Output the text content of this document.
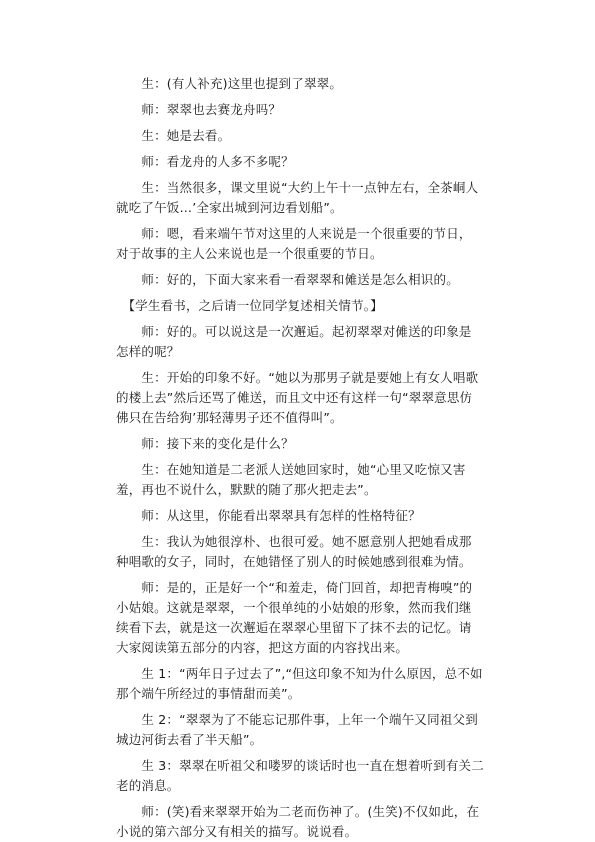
　　生：(有人补充)这里也提到了翠翠。

　　师：翠翠也去赛龙舟吗？

　　生：她是去看。

　　师：看龙舟的人多不多呢？

　　生：当然很多，课文里说“大约上午十一点钟左右，全茶峒人就吃了午饭…’全家出城到河边看划船”。

　　师：嗯，看来端午节对这里的人来说是一个很重要的节日，对于故事的主人公来说也是一个很重要的节日。

　　师：好的，下面大家来看一看翠翠和傩送是怎么相识的。

　【学生看书，之后请一位同学复述相关情节。】

　　师：好的。可以说这是一次邂逅。起初翠翠对傩送的印象是怎样的呢？

　　生：开始的印象不好。“她以为那男子就是要她上有女人唱歌的楼上去”然后还骂了傩送，而且文中还有这样一句“翠翠意思仿佛只在告给狗’那轻薄男子还不值得叫”。

　　师：接下来的变化是什么？

　　生：在她知道是二老派人送她回家时，她“心里又吃惊又害羞，再也不说什么，默默的随了那火把走去”。

　　师：从这里，你能看出翠翠具有怎样的性格特征？

　　生：我认为她很淳朴、也很可爱。她不愿意别人把她看成那种唱歌的女子，同时，在她错怪了别人的时候她感到很难为情。

　　师：是的，正是好一个“和羞走，倚门回首，却把青梅嗅”的小姑娘。这就是翠翠，一个很单纯的小姑娘的形象，然而我们继续看下去，就是这一次邂逅在翠翠心里留下了抹不去的记忆。请大家阅读第五部分的内容，把这方面的内容找出来。

　　生 1：“两年日子过去了”,“但这印象不知为什么原因，总不如那个端午所经过的事情甜而美”。

　　生 2：“翠翠为了不能忘记那件事，上年一个端午又同祖父到城边河街去看了半天船”。

　　生 3：翠翠在听祖父和喽罗的谈话时也一直在想着听到有关二老的消息。

　　师：(笑)看来翠翠开始为二老而伤神了。(生笑)不仅如此，在小说的第六部分又有相关的描写。说说看。
